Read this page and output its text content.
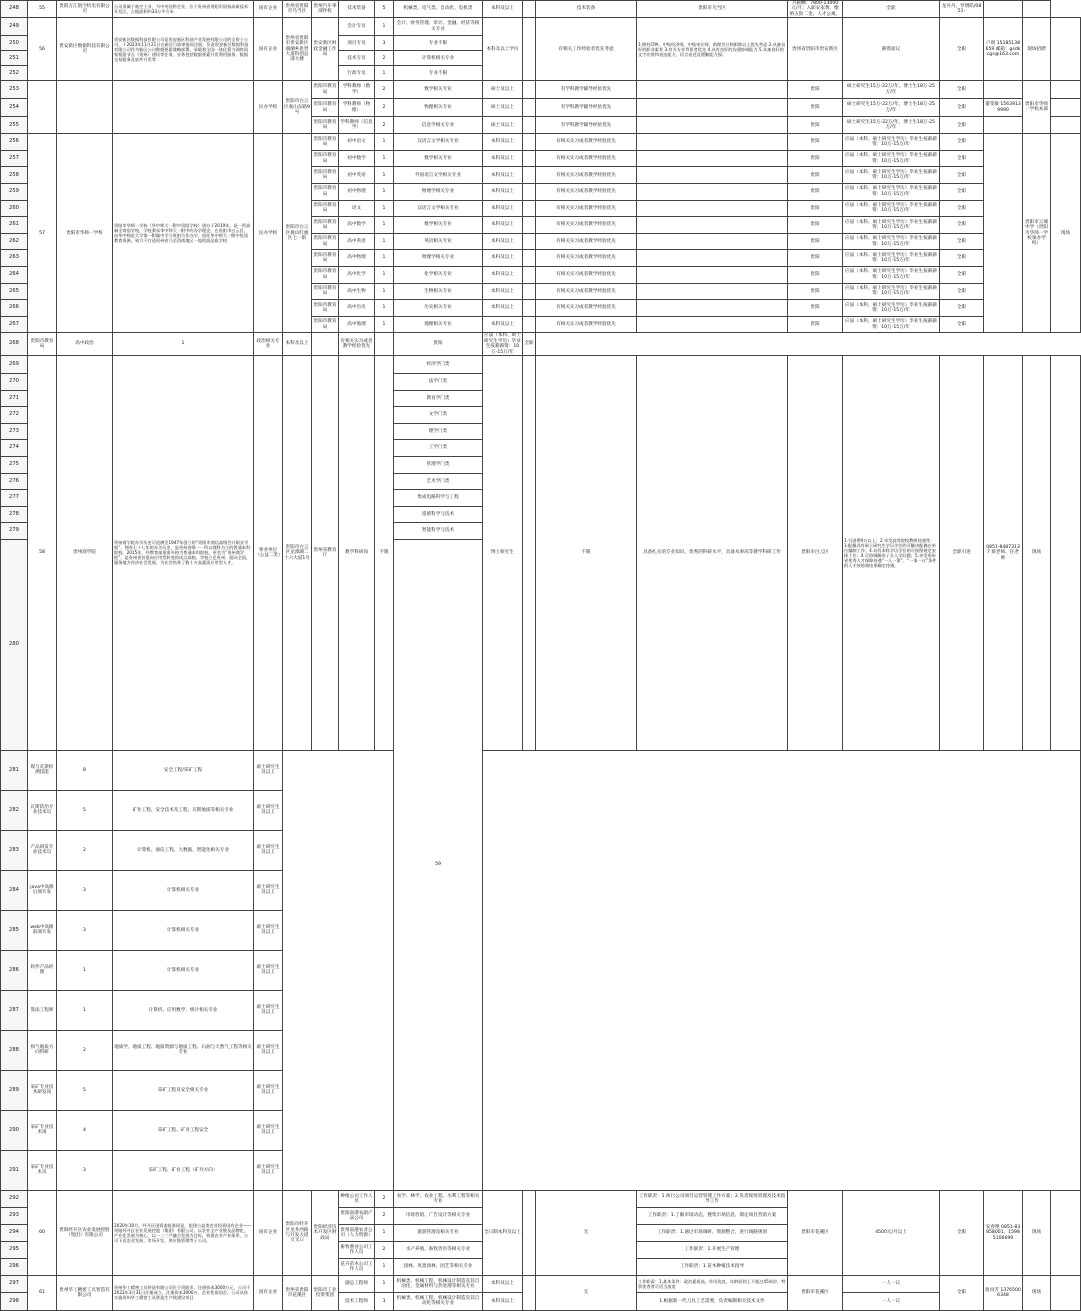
248	55	贵阳万江航空机电有限公司	公司隶属于航空工业，为中央驻黔企业，位于贵州省贵阳市国家高新技术开发区，占地面积约33万平方米	国有企业	贵州省贵阳市乌当区	贵州汽车零部件校	技术装备	5	机械类、电气类、自动化、电机类	本科及以上		技术装备	贵阳市乌当区	月薪酬：7800-13000元/月；入职安家费、缴纳五险二金、人才公寓。	全职	龙丹丹、罗增皓/0851-				
249	56	贵安新区数据科技有限公司	贵安新区数据科技有限公司是贵安新区科创产业发展有限公司的全资子公司，于2023年11月21日在新区行政审批局注册，负责贵安新区数据科技有限公司作为新区公司数据要素战略部署，承载着全国一体化算力网络国家枢纽节点（贵州）建设等任务，业务包括数据要素开发利用服务、数据交易服务及软件开发等	国有企业	贵州省贵阳市贵安新区湖潮乡思贤大道科创总部大楼	贵安新区财政金融工作局	会计专员	1	会计、财务管理、审计、金融、经济等相关专业	本科及以上学历		有相关工作经验者优先考虑	1.拥有CPA、中级经济师、中级审计师、助理会计师职称以上优先考虑 2.具备良好的职业素养 3.有关专业背景者优先 4.具有良好的沟通协调能力 5.具备良好的文字功底和表达能力，语言表述及理解能力强；	贵州省贵阳市贵安新区	薪资面议	全职	户朗 15185138659 邮箱：gsdkcgs@163.com	现场招聘		
250							项目专员	3	专业不限											
251							技术专员	2	计算机相关专业											
252							行政专员	1	专业不限											
253				民办学校	贵阳市白云区观山东路9号	贵阳市教育局	学科教师（数学）	2	数学相关专业	硕士及以上		有学科教学辅导经验优先		贵阳	硕士研究生15万-22万/年，博士生18万-25万/年	全职		贵阳市华师一学校本部		
254						贵阳市教育局	学科教师（物理）	2	物理相关专业	硕士及以上		有学科教学辅导经验优先		贵阳	硕士研究生15万-22万/年，博士生18万-25万/年	全职	董雯敏 15639139990			
255						贵阳市教育局	学科教师（信息学）	2	信息学相关专业	硕士及以上		有学科教学辅导经验优先		贵阳	硕士研究生15万-22万/年，博士生18万-25万/年	全职				
256	57	贵阳市华师一学校	贵阳市华师一学校（华中师大一附中贵阳学校）创办于2019年，是一所高端全寄宿学校，学校秉承华中师大一附中的办学理念，在贵阳市白云区，由华中师范大学第一附属中学与贵阳合作办学，依托华中师大一附中优质教育资源，致力于打造贵州省乃至西南地区一流的高品质学校	民办学校	贵阳市白云区枧山红旗区七一街	贵阳市教育局	初中语文	1	汉语言文学相关专业	本科及以上		有相关实习或者教学经验优先		贵阳	应届（本科、硕士研究生学历）毕业生按薪薪资：10万-15万/年	全职		贵阳市云城中学（贵阳市华师一学校领办学校）	现场	
257						贵阳市教育局	初中数学	1	数学相关专业	本科及以上		有相关实习或者教学经验优先		贵阳	应届（本科、硕士研究生学历）毕业生按薪薪资：10万-15万/年	全职				
258						贵阳市教育局	初中英语	1	外国语言文学相关专业	本科及以上		有相关实习或者教学经验优先		贵阳	应届（本科、硕士研究生学历）毕业生按薪薪资：10万-15万/年	全职				
259						贵阳市教育局	初中物理	1	物理学相关专业	本科及以上		有相关实习或者教学经验优先		贵阳	应届（本科、硕士研究生学历）毕业生按薪薪资：10万-15万/年	全职				
260						贵阳市教育局	语文	1	汉语言文学相关专业	本科及以上		有相关实习或者教学经验优先		贵阳	应届（本科、硕士研究生学历）毕业生按薪薪资：10万-15万/年	全职				
261						贵阳市教育局	高中数学	1	数学相关专业	本科及以上		有相关实习或者教学经验优先		贵阳	应届（本科、硕士研究生学历）毕业生按薪薪资：10万-15万/年	全职				
262						贵阳市教育局	高中英语	1	英语相关专业	本科及以上		有相关实习或者教学经验优先		贵阳	应届（本科、硕士研究生学历）毕业生按薪薪资：10万-15万/年	全职				
263						贵阳市教育局	高中物理	1	物理学相关专业	本科及以上		有相关实习或者教学经验优先		贵阳	应届（本科、硕士研究生学历）毕业生按薪薪资：10万-15万/年	全职				
264						贵阳市教育局	高中化学	1	化学相关专业	本科及以上		有相关实习或者教学经验优先		贵阳	应届（本科、硕士研究生学历）毕业生按薪薪资：10万-15万/年	全职				
265						贵阳市教育局	高中生物	1	生物相关专业	本科及以上		有相关实习或者教学经验优先		贵阳	应届（本科、硕士研究生学历）毕业生按薪薪资：10万-15万/年	全职				
266						贵阳市教育局	高中历史	1	历史相关专业	本科及以上		有相关实习或者教学经验优先		贵阳	应届（本科、硕士研究生学历）毕业生按薪薪资：10万-15万/年	全职				
267						贵阳市教育局	高中地理	1	地理相关专业	本科及以上		有相关实习或者教学经验优先		贵阳	应届（本科、硕士研究生学历）毕业生按薪薪资：10万-15万/年	全职				
268	贵阳市教育局	高中政治	1	政治相关专业	本科及以上		有相关实习或者教学经验优先		贵阳	应届（本科、硕士研究生学历）毕业生按薪薪资：10万-15万/年	全职									
269	58	贵州商学院	贵州商学院办学历史可追溯至1947年创立的“贵阳市商信高级会计职业学校”，拥有七十七年的办学历史，是贵州省唯一一所以商科为主的普通本科院校。2015年，经教育部批准升格为普通本科院校，更名为“贵州商学院”，是贵州省首批向应用型转变的试点高校。学校立足贵州、面向全国，服务地方经济社会发展，为社会培养了数十万高素质应用型人才。	事业单位（公益二类）	贵阳市白云区龙潭湖二十六大道1号	贵州省教育厅	教学科研岗	不限	经济学门类	博士研究生		不限	具备扎实的专业知识，优秀的科研水平，具备从事高等教学科研工作	贵阳市白云区	1.引进费9万以上；2.享受高等院校教师待遇等；3.配偶具有硕士研究生学历学位的可解决配偶在单位编制工作；4.具有本科学历学位的可按照规定安排工作；4.可协调解决子女入学问题；5.享受贵州省优秀人才保障待遇“一人一策”、“一事一议”条件的人才按协商结果确定待遇。	全职引进	0851-84873137 蔡老师、任老师	现场		
270									法学门类											
271									教育学门类											
272									文学门类											
273									理学门类											
274									工学门类											
275									管理学门类											
276									艺术学门类											
277									集成电路科学与工程											
278									遥感科学与技术											
279									智能科学与技术											
280									59																		
281	煤与瓦斯检测技能	8	安全工程/采矿工程	硕士研究生及以上																
282	瓦斯防治专业技术员	5	矿业工程、安全技术及工程、瓦斯地质等相关专业	硕士研究生及以上																
283	产品研发专业技术员	2	计算机、通信工程、大数据、智能化相关专业	硕士研究生及以上																
284	java中高级后端开发	3	计算机相关专业	硕士研究生及以上																
285	web中高级前端开发	3	计算机相关专业	硕士研究生及以上																
286	软件产品经理	1	计算机相关专业	硕士研究生及以上																
287	算法工程师	1	计算机、应用数学、统计相关专业	硕士研究生及以上																
288	损气地质方向科研	2	地质学、地质工程、地质资源与地质工程、石油与天然气工程等相关专业	硕士研究生及以上																
289	采矿专业技术研发岗	5	采矿工程及安全相关专业	硕士研究生及以上																
290	采矿专业技术岗	4	采矿工程、矿业工程安全	硕士研究生及以上																
291	采矿专业技术员	3	采矿工程、矿业工程（矿井方向）	硕士研究生及以上																
292	60	贵阳经开区农业发展控股（集团）有限公司	2020年10月，经开区国资委批准同意，组建公益类农业投资国有企业——贵阳经开区农业发展控股（集团）有限公司。以农业全产业链及品牌化、产业化发展为核心，以一二三产融合发展为目标，构建农业产业体系，公司下设农业发展、市场开发、供应链管理等子公司。	国有企业	贵阳市经开区龙井西路与开发大道交叉口	贵阳经济技术开发区财政局	种植公司工作人员	2	农学、林学、农业工程、水利工程等相关专业	全日制本科及以上		无	工作职责：1.执行公司项目运营管理工作方案；2.负责现场管理及技术指导工作	贵阳市花溪区	4500元/月以上	全职	安春艳 0851-83858001，15985106699	现场		
293							贵阳南港农副产品公司	2	市场营销、广告设计等相关专业				工作职责：1.了解市场动态，搜集市场信息，制定项目营销方案							
294							贵州南港农业公司（人力资源）	1	旅游管理及相关专业				工作职责：1.通过市场调研、资源整合，进行线路规划							
295							畜牧渔业公司工作人员	2	水产养殖、畜牧兽医等相关专业				工作职责：1.开展生产管理							
296							花卉苗木公司工作人员	1	园林、风景园林、园艺等相关专业				工作职责：1.苗木种植技术指导							
297	61	贵州华工精密工具智造有限公司	贵州华工精密工具智造有限公司位于贵阳市，注册资本3000万元，公司于2022年3月31日注册成立，注册资本3000万，企业性质国企。公司具体实施贵州华工精密工具智造生产线建设项目	国有企业	贵州省贵阳市花溪区	贵阳市工业投资集团	副总工程师	1	机械类、机械工程、机械设计制造及其自动化、金属材料与热处理等相关专业	本科及以上		无	工作职责：1.基本条件：政治素质高，作风优良，年龄原则上不超过45周岁，特别优秀者可适当放宽	贵阳市花溪区	一人一议	全职	詹再芳 13765006348	现场		
298							技术工程师	3	机械类、机械工程、机械设计制造及其自动化等相关专业	本科及以上			1.根据新一代刀具工艺需要，负责编制相关技术文件		一人一议					
